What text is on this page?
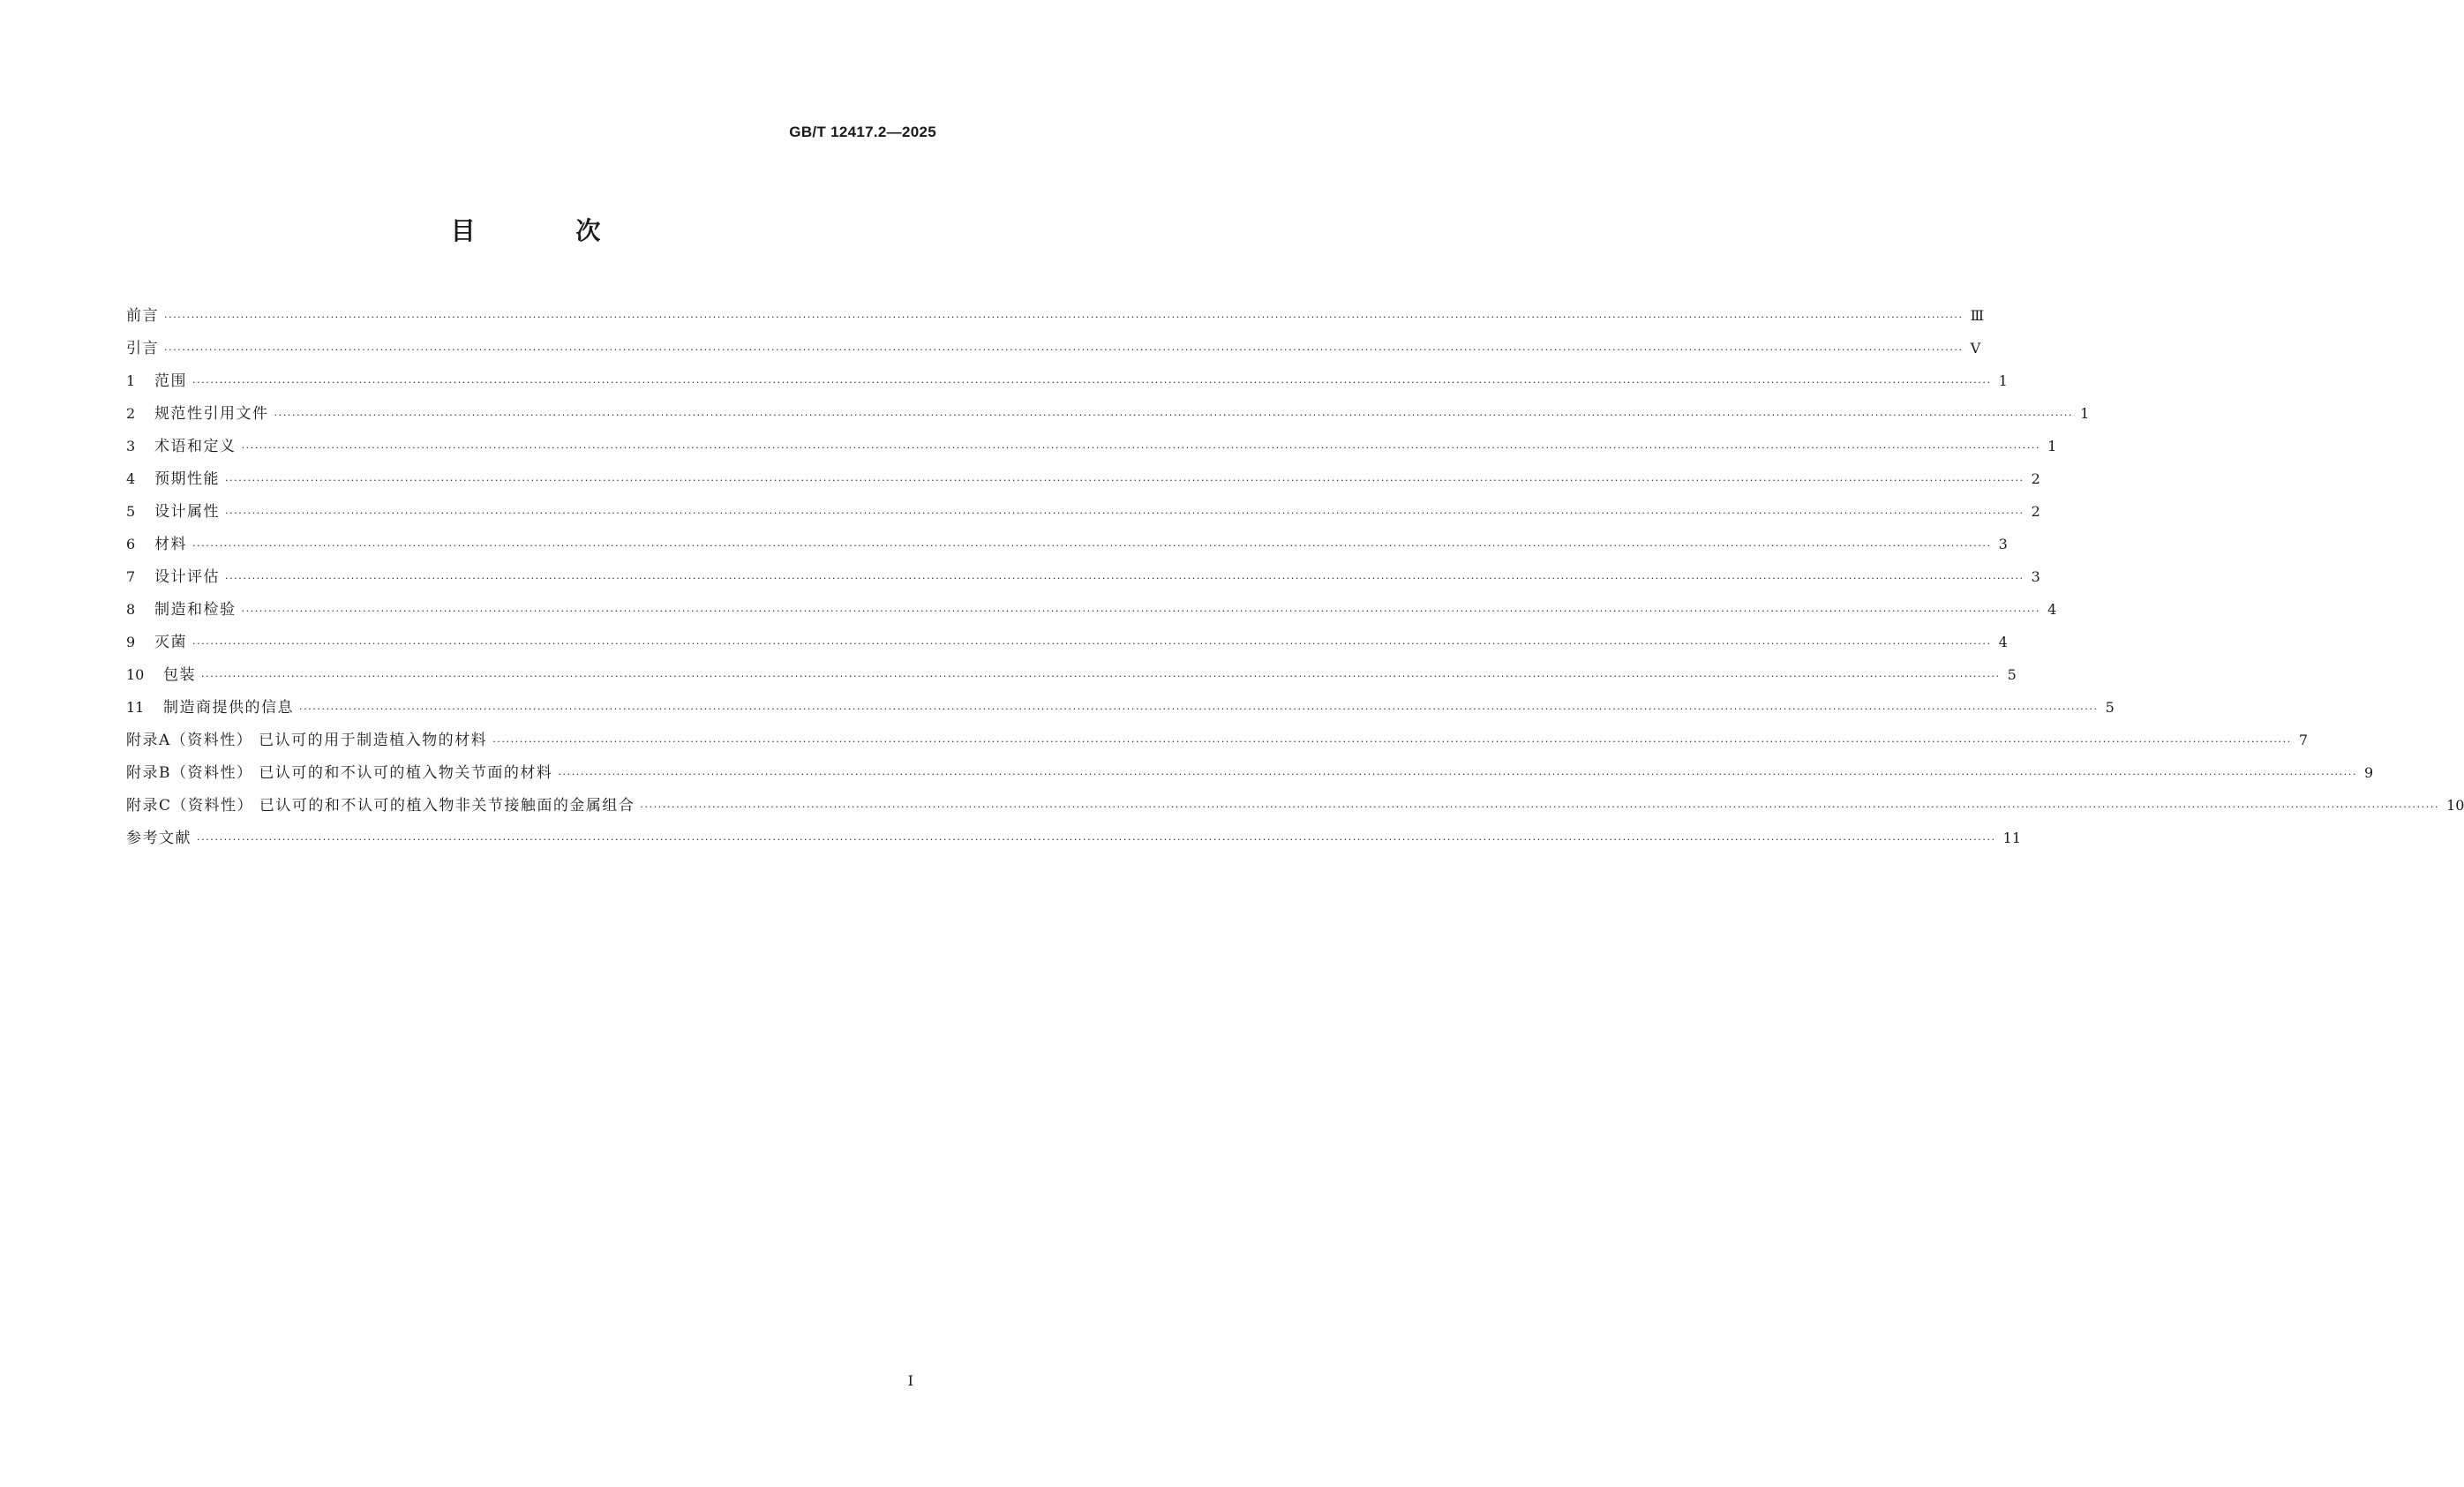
GB/T 12417.2—2025
目 次
前言 ················································································································································································································································································································································································································ Ⅲ
引言 ················································································································································································································································································································································································································ Ⅴ
1	范围 ················································································································································································································································································································································································································ 1
2	规范性引用文件 ················································································································································································································································································································································································································ 1
3	术语和定义 ················································································································································································································································································································································································································ 1
4	预期性能 ················································································································································································································································································································································································································ 2
5	设计属性 ················································································································································································································································································································································································································ 2
6	材料 ················································································································································································································································································································································································································ 3
7	设计评估 ················································································································································································································································································································································································································ 3
8	制造和检验 ················································································································································································································································································································································································································ 4
9	灭菌 ················································································································································································································································································································································································································ 4
10	包装 ················································································································································································································································································································································································································ 5
11	制造商提供的信息 ················································································································································································································································································································································································································ 5
附录A（资料性） 已认可的用于制造植入物的材料 ················································································································································································································································································································································································································ 7
附录B（资料性） 已认可的和不认可的植入物关节面的材料 ················································································································································································································································································································································································································ 9
附录C（资料性） 已认可的和不认可的植入物非关节接触面的金属组合 ················································································································································································································································································································································································································ 10
参考文献 ················································································································································································································································································································································································································ 11
Ⅰ
